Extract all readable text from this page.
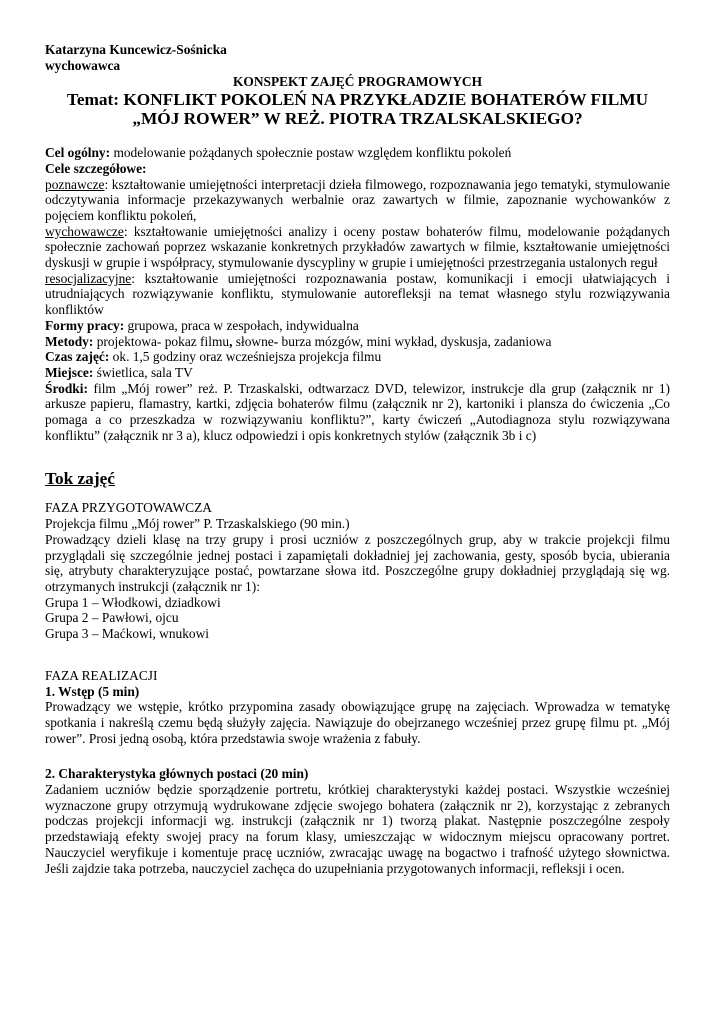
Katarzyna Kuncewicz-Sośnicka
wychowawca
KONSPEKT ZAJĘĆ PROGRAMOWYCH
Temat: KONFLIKT POKOLEŃ NA PRZYKŁADZIE BOHATERÓW FILMU
„MÓJ ROWER” W REŻ. PIOTRA TRZALSKALSKIEGO?

Cel ogólny: modelowanie pożądanych społecznie postaw względem konfliktu pokoleń

Cele szczegółowe:

poznawcze: kształtowanie umiejętności interpretacji dzieła filmowego, rozpoznawania jego tematyki, stymulowanie odczytywania informacje przekazywanych werbalnie oraz zawartych w filmie, zapoznanie wychowanków z pojęciem konfliktu pokoleń,

wychowawcze: kształtowanie umiejętności analizy i oceny postaw bohaterów filmu, modelowanie pożądanych społecznie zachowań poprzez wskazanie konkretnych przykładów zawartych w filmie, kształtowanie umiejętności dyskusji w grupie i współpracy, stymulowanie dyscypliny w grupie i umiejętności przestrzegania ustalonych reguł

resocjalizacyjne: kształtowanie umiejętności rozpoznawania postaw, komunikacji i emocji ułatwiających i utrudniających rozwiązywanie konfliktu, stymulowanie autorefleksji na temat własnego stylu rozwiązywania konfliktów

Formy pracy: grupowa, praca w zespołach, indywidualna

Metody: projektowa- pokaz filmu, słowne- burza mózgów, mini wykład, dyskusja, zadaniowa

Czas zajęć: ok. 1,5 godziny oraz wcześniejsza projekcja filmu

Miejsce: świetlica, sala TV

Środki: film „Mój rower” reż. P. Trzaskalski, odtwarzacz DVD, telewizor, instrukcje dla grup (załącznik nr 1) arkusze papieru, flamastry, kartki, zdjęcia bohaterów filmu (załącznik nr 2), kartoniki i plansza do ćwiczenia „Co pomaga a co przeszkadza w rozwiązywaniu konfliktu?”, karty ćwiczeń „Autodiagnoza stylu rozwiązywana konfliktu” (załącznik nr 3 a), klucz odpowiedzi i opis konkretnych stylów (załącznik 3b i c)

Tok zajęć

FAZA PRZYGOTOWAWCZA

Projekcja filmu „Mój rower” P. Trzaskalskiego (90 min.)

Prowadzący dzieli klasę na trzy grupy i prosi uczniów z poszczególnych grup, aby w trakcie projekcji filmu przyglądali się szczególnie jednej postaci i zapamiętali dokładniej jej zachowania, gesty, sposób bycia, ubierania się, atrybuty charakteryzujące postać, powtarzane słowa itd. Poszczególne grupy dokładniej przyglądają się wg. otrzymanych instrukcji (załącznik nr 1):

Grupa 1 – Włodkowi, dziadkowi

Grupa 2 – Pawłowi, ojcu

Grupa 3 – Maćkowi, wnukowi

FAZA REALIZACJI

1. Wstęp (5 min)

Prowadzący we wstępie, krótko przypomina zasady obowiązujące grupę na zajęciach. Wprowadza w tematykę spotkania i nakreślą czemu będą służyły zajęcia. Nawiązuje do obejrzanego wcześniej przez grupę filmu pt. „Mój rower”. Prosi jedną osobą, która przedstawia swoje wrażenia z fabuły.

2. Charakterystyka głównych postaci (20 min)

Zadaniem uczniów będzie sporządzenie portretu, krótkiej charakterystyki każdej postaci. Wszystkie wcześniej wyznaczone grupy otrzymują wydrukowane zdjęcie swojego bohatera (załącznik nr 2), korzystając z zebranych podczas projekcji informacji wg. instrukcji (załącznik nr 1) tworzą plakat. Następnie poszczególne zespoły przedstawiają efekty swojej pracy na forum klasy, umieszczając w widocznym miejscu opracowany portret. Nauczyciel weryfikuje i komentuje pracę uczniów, zwracając uwagę na bogactwo i trafność użytego słownictwa. Jeśli zajdzie taka potrzeba, nauczyciel zachęca do uzupełniania przygotowanych informacji, refleksji i ocen.
